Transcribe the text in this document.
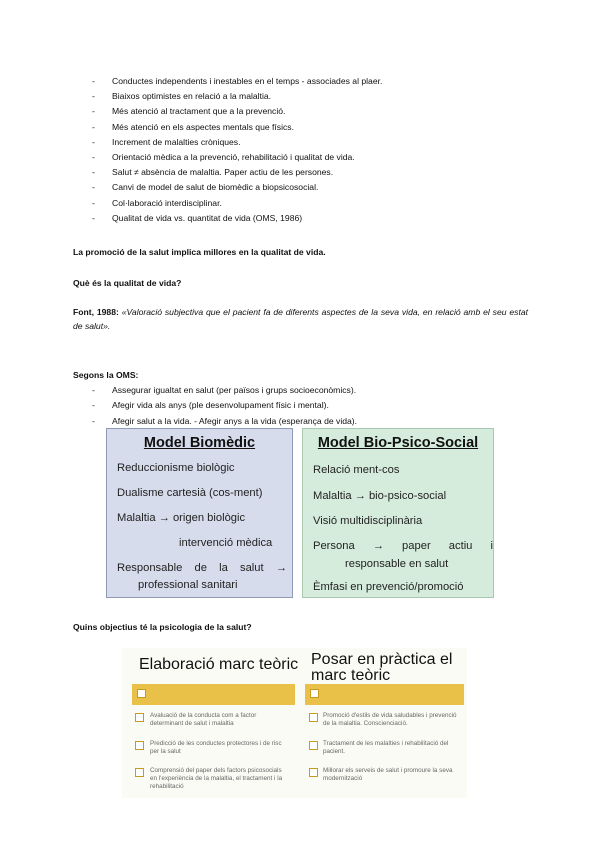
- Conductes independents i inestables en el temps - associades al plaer.
- Biaixos optimistes en relació a la malaltia.
- Més atenció al tractament que a la prevenció.
- Més atenció en els aspectes mentals que físics.
- Increment de malalties cròniques.
- Orientació mèdica a la prevenció, rehabilitació i qualitat de vida.
- Salut ≠ absència de malaltia. Paper actiu de les persones.
- Canvi de model de salut de biomèdic a biopsicosocial.
- Col·laboració interdisciplinar.
- Qualitat de vida vs. quantitat de vida (OMS, 1986)
La promoció de la salut implica millores en la qualitat de vida.
Què és la qualitat de vida?
Font, 1988: «Valoració subjectiva que el pacient fa de diferents aspectes de la seva vida, en relació amb el seu estat de salut».
Segons la OMS:
- Assegurar igualtat en salut (per països i grups socioeconòmics).
- Afegir vida als anys (ple desenvolupament físic i mental).
- Afegir salut a la vida. - Afegir anys a la vida (esperança de vida).
Model Biomèdic
Reduccionisme biològic
Dualisme cartesià (cos-ment)
Malaltia → origen biològic
intervenció mèdica
Responsable de la salut →
professional sanitari
Model Bio-Psico-Social
Relació ment-cos
Malaltia → bio-psico-social
Visió multidisciplinària
Persona → paper actiu i
responsable en salut
Èmfasi en prevenció/promoció
Quins objectius té la psicologia de la salut?
Elaboració marc teòric Posar en pràctica el
marc teòric
Avaluació de la conducta com a factor determinant de salut i malaltia
Predicció de les conductes protectores i de risc per la salut
Comprensió del paper dels factors psicosocials en l'experiència de la malaltia, el tractament i la rehabilitació
Promoció d'estils de vida saludables i prevenció de la malaltia. Conscienciació.
Tractament de les malalties i rehabilitació del pacient.
Millorar els serveis de salut i promoure la seva modernització
